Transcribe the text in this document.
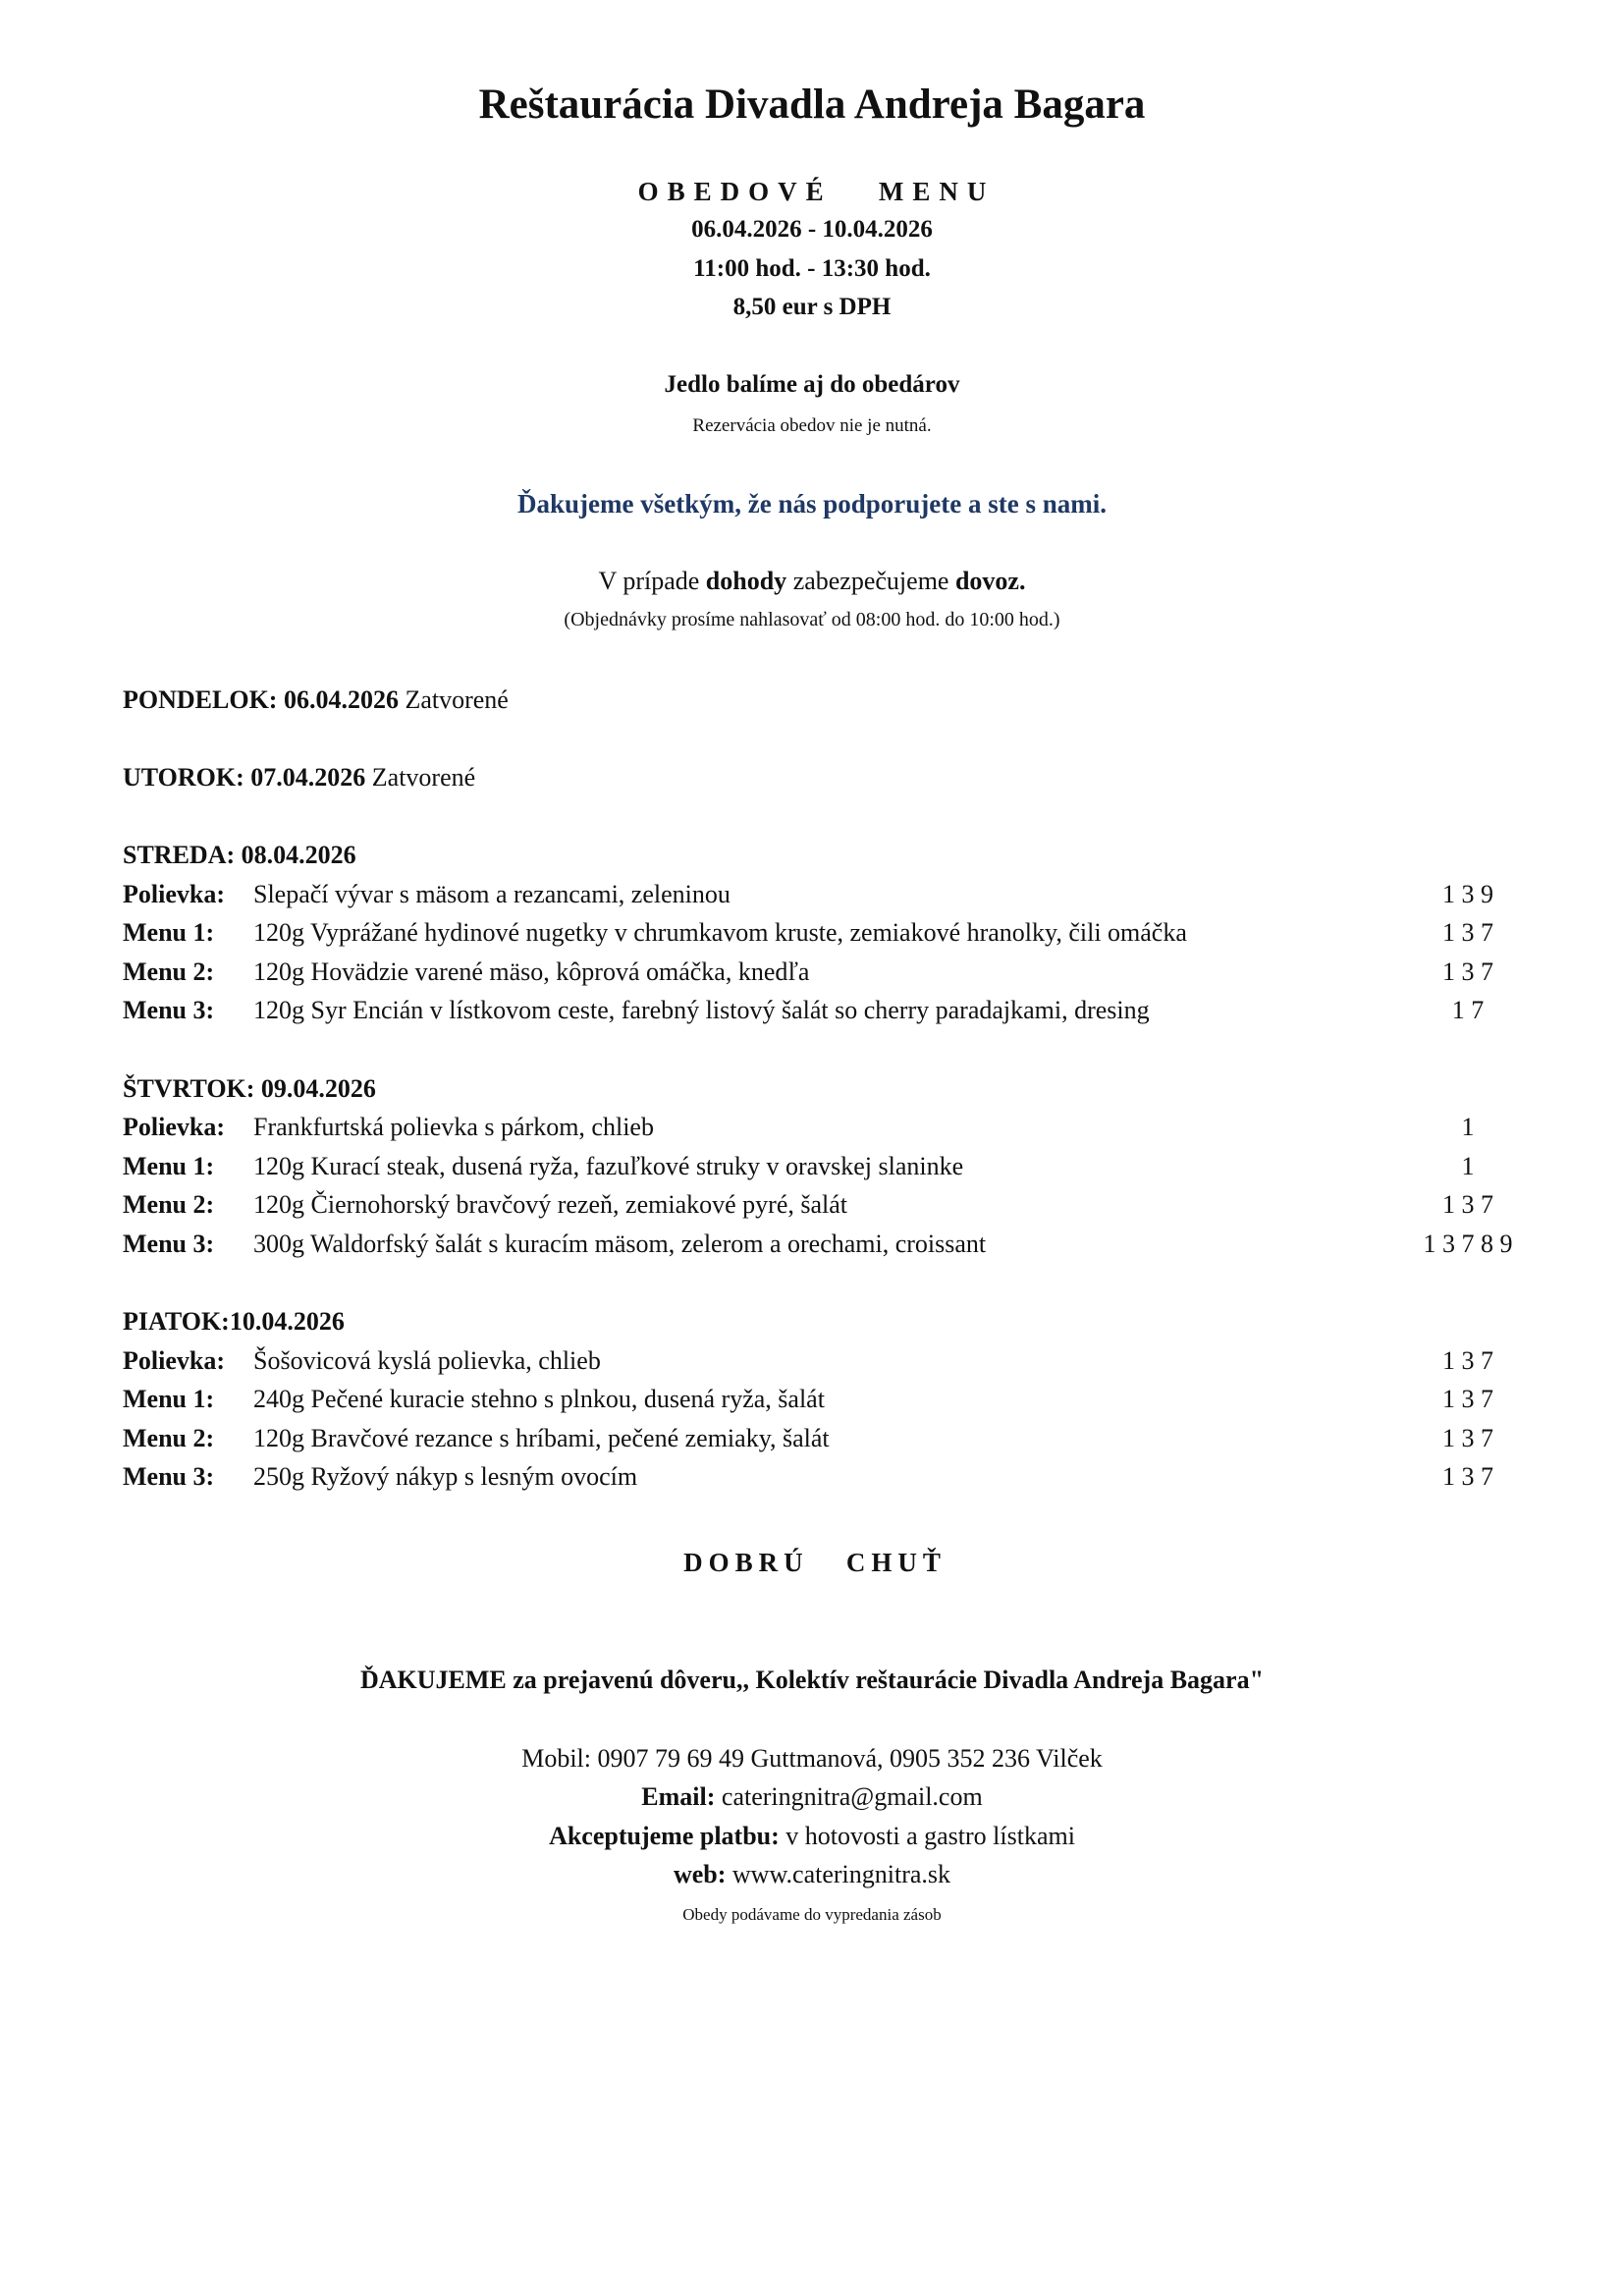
Reštaurácia Divadla Andreja Bagara
OBEDOVÉ   MENU
06.04.2026 - 10.04.2026
11:00 hod. - 13:30 hod.
8,50 eur s DPH
Jedlo balíme aj do obedárov
Rezervácia obedov nie je nutná.
Ďakujeme všetkým, že nás podporujete a ste s nami.
V prípade dohody zabezpečujeme dovoz.
(Objednávky prosíme nahlasovať od 08:00 hod. do 10:00 hod.)
PONDELOK: 06.04.2026 Zatvorené
UTOROK: 07.04.2026 Zatvorené
STREDA: 08.04.2026
Polievka: Slepačí vývar s mäsom a rezancami, zeleninou	1 3 9
Menu 1: 120g Vyprážané hydinové nugetky v chrumkavom kruste, zemiakové hranolky, čili omáčka	1 3 7
Menu 2: 120g Hovädzie varené mäso, kôprová omáčka, knedľa	1 3 7
Menu 3: 120g Syr Encián v lístkovom ceste, farebný listový šalát so cherry paradajkami, dresing	1 7
ŠTVRTOK: 09.04.2026
Polievka: Frankfurtská polievka s párkom, chlieb	1
Menu 1: 120g Kurací steak, dusená ryža, fazuľkové struky v oravskej slaninke	1
Menu 2: 120g Čiernohorský bravčový rezeň, zemiakové pyré, šalát	1 3 7
Menu 3: 300g Waldorfský šalát s kuracím mäsom, zelerom a orechami, croissant	1 3 7 8 9
PIATOK:10.04.2026
Polievka: Šošovicová kyslá polievka, chlieb	1 3 7
Menu 1: 240g Pečené kuracie stehno s plnkou, dusená ryža, šalát	1 3 7
Menu 2: 120g Bravčové rezance s hríbami, pečené zemiaky, šalát	1 3 7
Menu 3: 250g Ryžový nákyp s lesným ovocím	1 3 7
DOBRÚ   CHUŤ
ĎAKUJEME za prejavenú dôveru,, Kolektív reštaurácie Divadla Andreja Bagara"
Mobil: 0907 79 69 49 Guttmanová, 0905 352 236 Vilček
Email: cateringnitra@gmail.com
Akceptujeme platbu: v hotovosti a gastro lístkami
web: www.cateringnitra.sk
Obedy podávame do vypredania zásob
